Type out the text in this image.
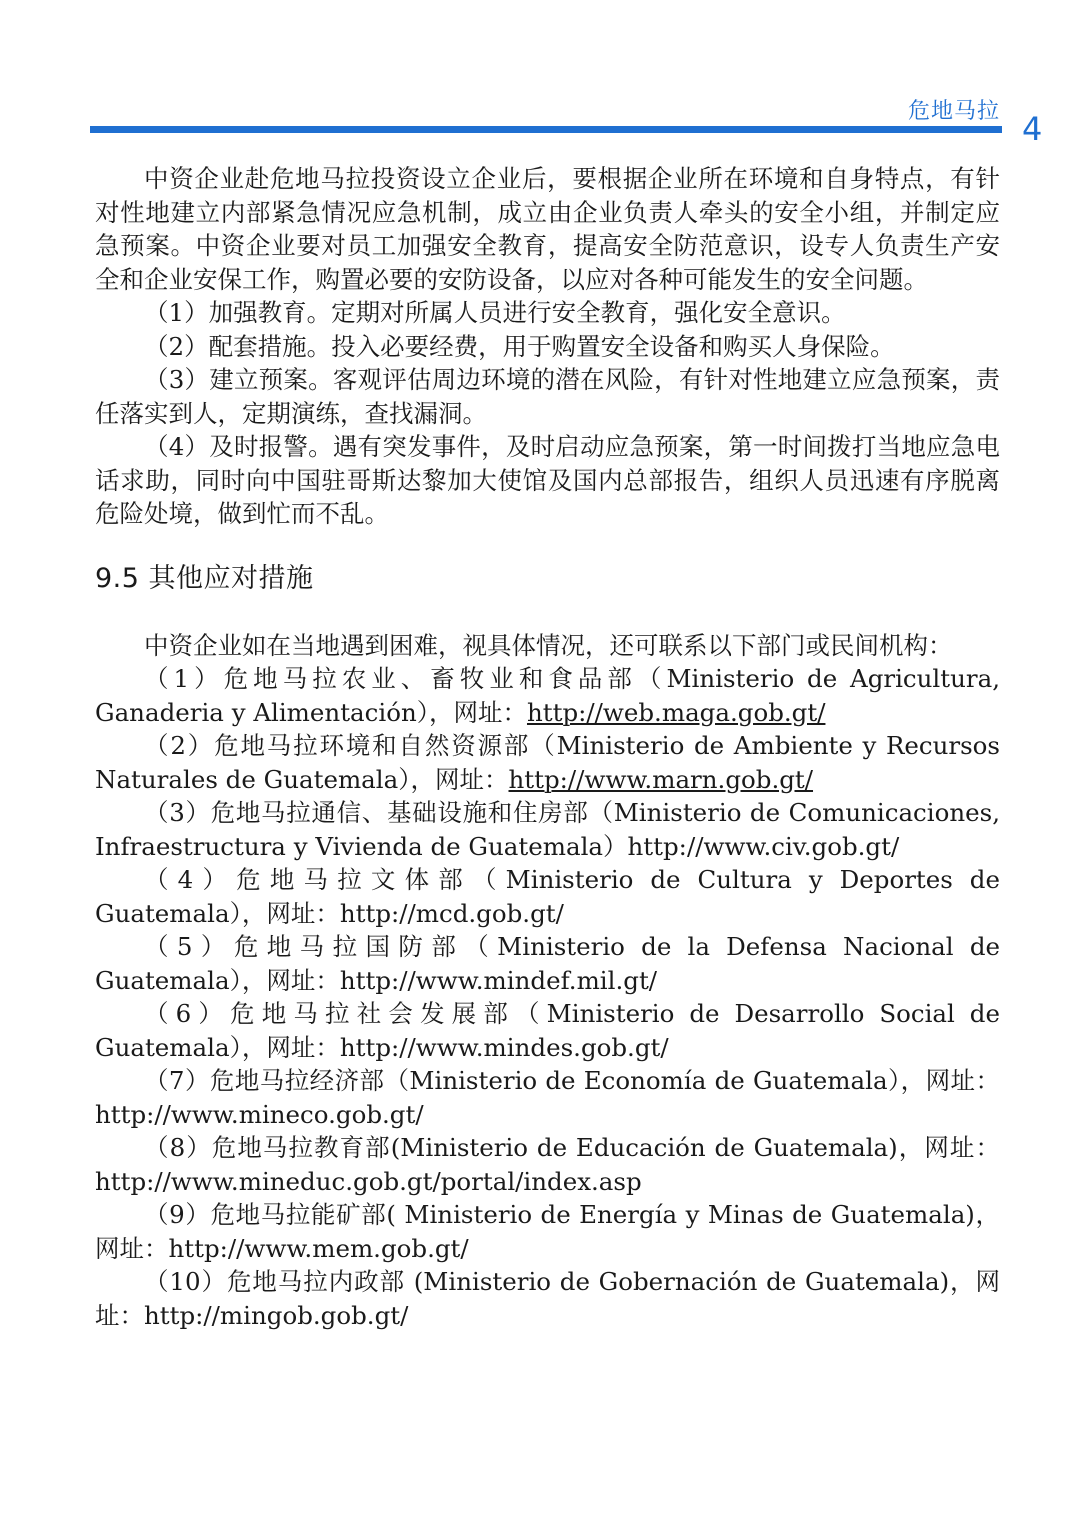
危地马拉 4

中资企业赴危地马拉投资设立企业后，要根据企业所在环境和自身特点，有针对性地建立内部紧急情况应急机制，成立由企业负责人牵头的安全小组，并制定应急预案。中资企业要对员工加强安全教育，提高安全防范意识，设专人负责生产安全和企业安保工作，购置必要的安防设备，以应对各种可能发生的安全问题。

（1）加强教育。定期对所属人员进行安全教育，强化安全意识。

（2）配套措施。投入必要经费，用于购置安全设备和购买人身保险。

（3）建立预案。客观评估周边环境的潜在风险，有针对性地建立应急预案，责任落实到人，定期演练，查找漏洞。

（4）及时报警。遇有突发事件，及时启动应急预案，第一时间拨打当地应急电话求助，同时向中国驻哥斯达黎加大使馆及国内总部报告，组织人员迅速有序脱离危险处境，做到忙而不乱。

9.5 其他应对措施

中资企业如在当地遇到困难，视具体情况，还可联系以下部门或民间机构：

（1）危地马拉农业、畜牧业和食品部（Ministerio de Agricultura, Ganaderia y Alimentación），网址：http://web.maga.gob.gt/

（2）危地马拉环境和自然资源部（Ministerio de Ambiente y Recursos Naturales de Guatemala），网址：http://www.marn.gob.gt/

（3）危地马拉通信、基础设施和住房部（Ministerio de Comunicaciones, Infraestructura y Vivienda de Guatemala）http://www.civ.gob.gt/

（4）危地马拉文体部（Ministerio de Cultura y Deportes de Guatemala），网址：http://mcd.gob.gt/

（5）危地马拉国防部（Ministerio de la Defensa Nacional de Guatemala），网址：http://www.mindef.mil.gt/

（6）危地马拉社会发展部（Ministerio de Desarrollo Social de Guatemala），网址：http://www.mindes.gob.gt/

（7）危地马拉经济部（Ministerio de Economía de Guatemala），网址：http://www.mineco.gob.gt/

（8）危地马拉教育部(Ministerio de Educación de Guatemala)，网址：http://www.mineduc.gob.gt/portal/index.asp

（9）危地马拉能矿部( Ministerio de Energía y Minas de Guatemala)，网址：http://www.mem.gob.gt/

（10）危地马拉内政部 (Ministerio de Gobernación de Guatemala)，网址：http://mingob.gob.gt/
